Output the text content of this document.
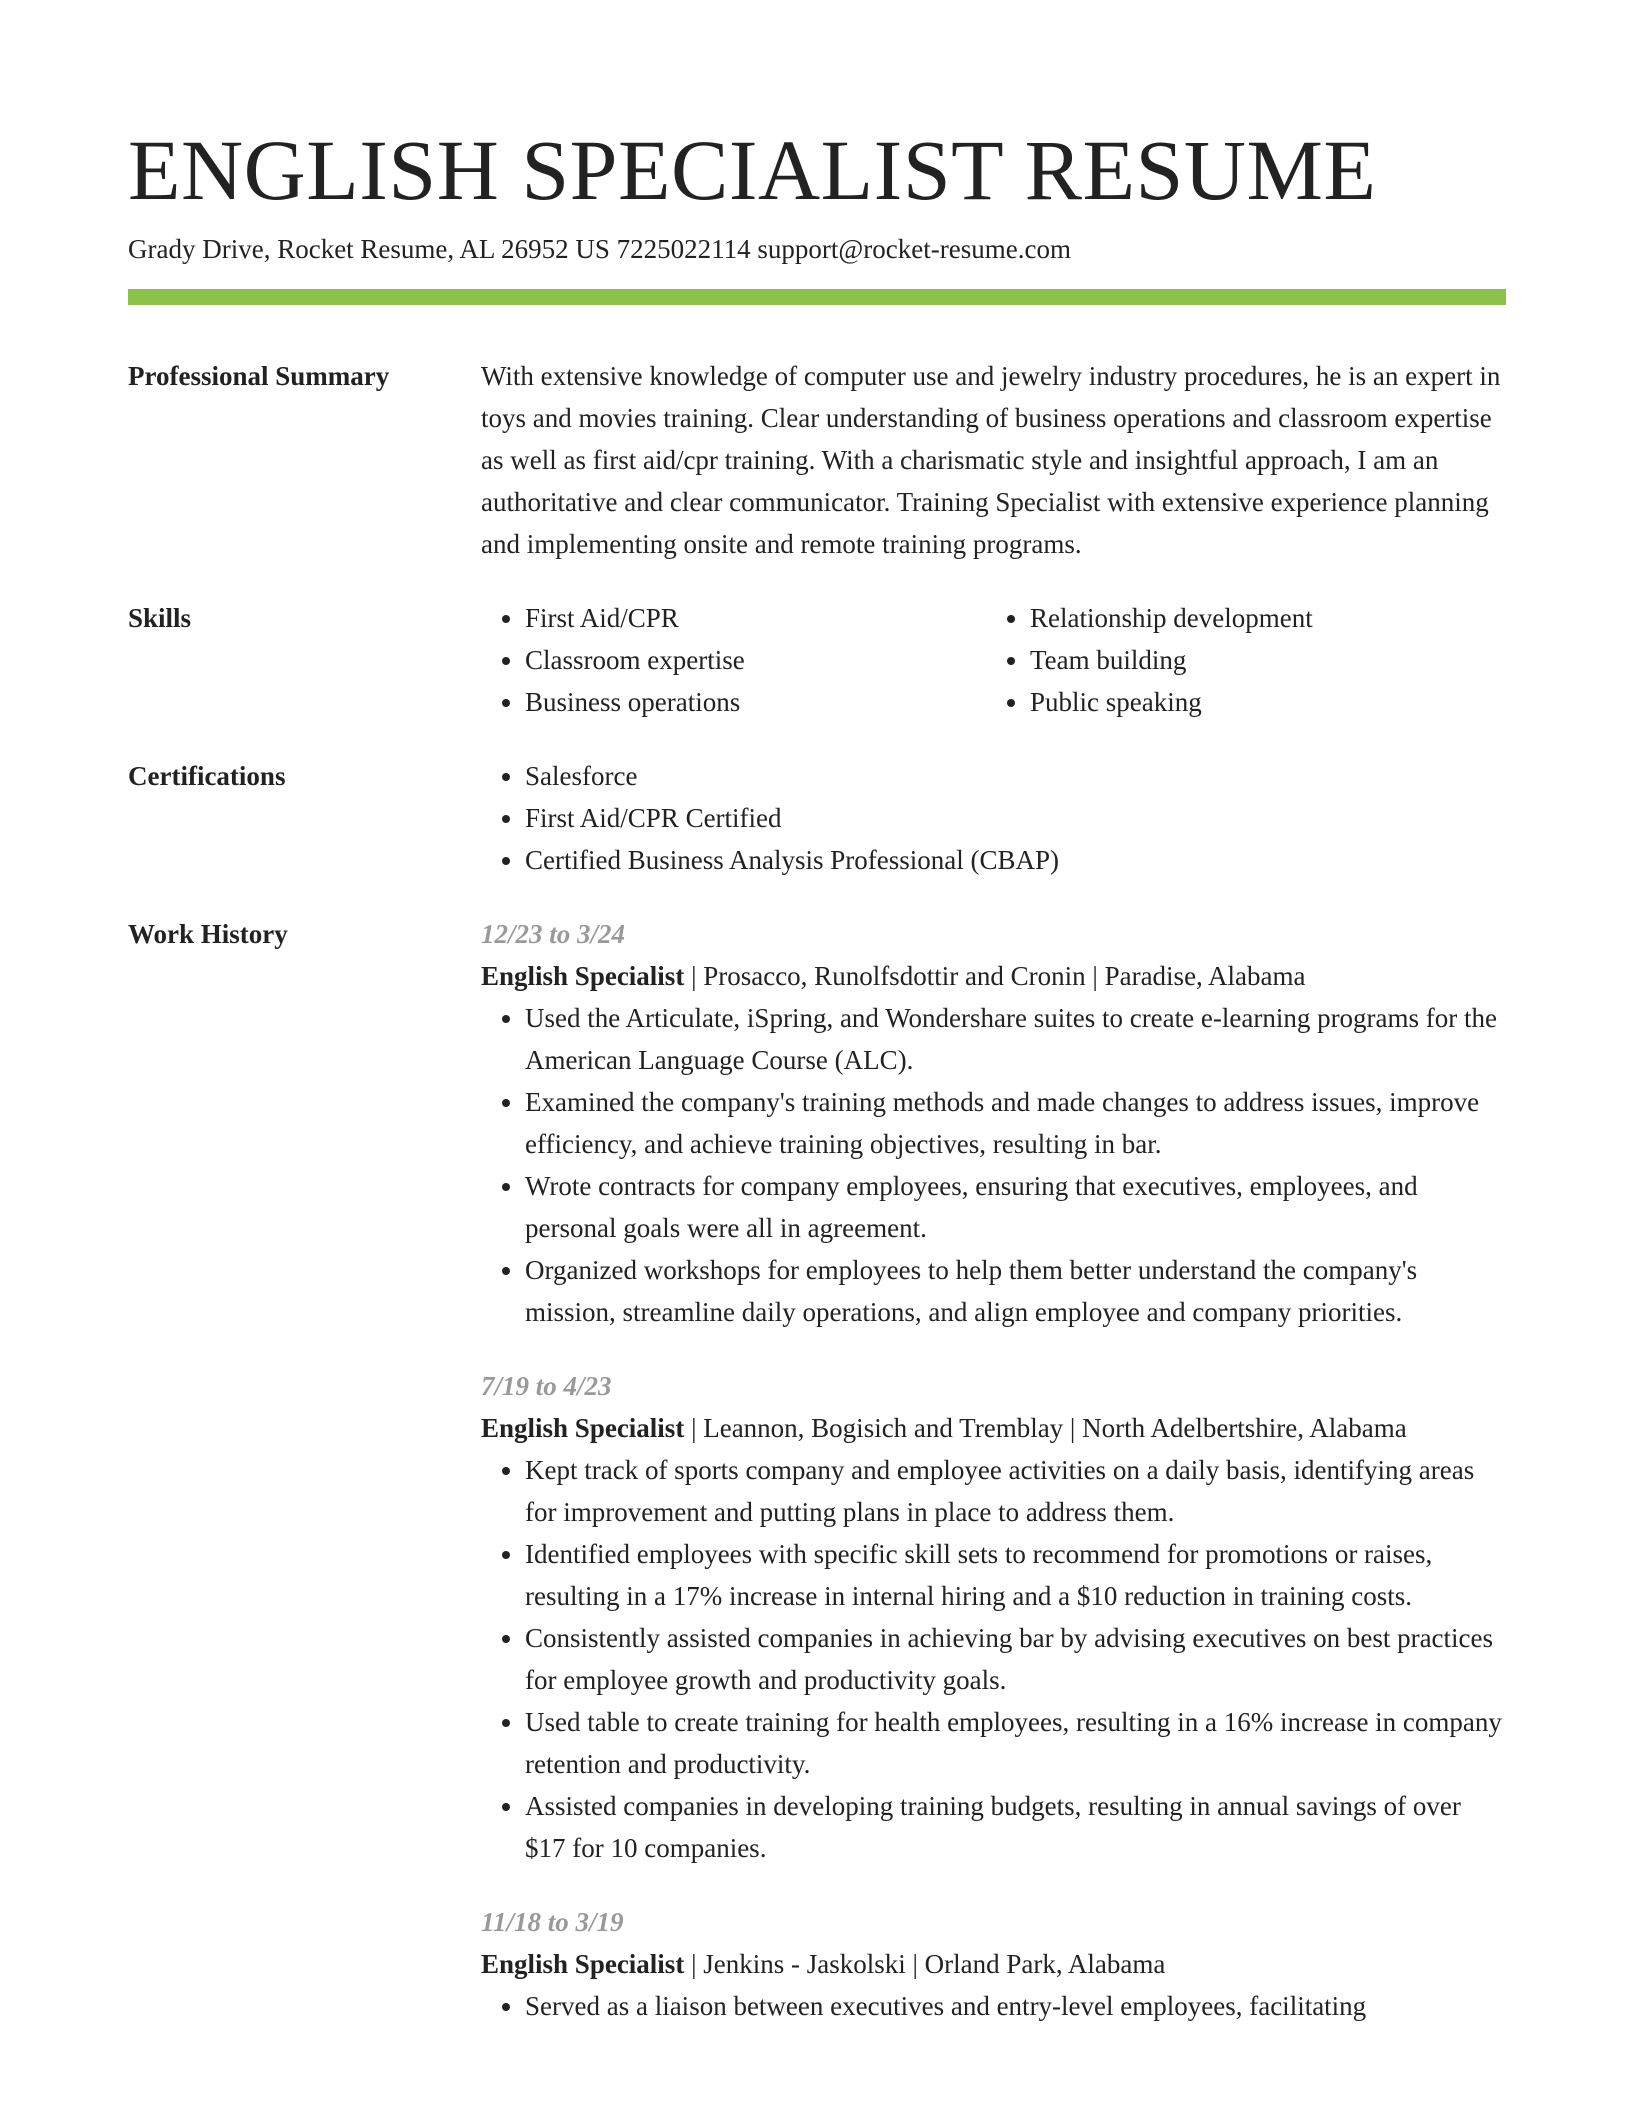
ENGLISH SPECIALIST RESUME
Grady Drive, Rocket Resume, AL 26952 US 7225022114 support@rocket-resume.com
Professional Summary	With extensive knowledge of computer use and jewelry industry procedures, he is an expert in toys and movies training. Clear understanding of business operations and classroom expertise as well as first aid/cpr training. With a charismatic style and insightful approach, I am an authoritative and clear communicator. Training Specialist with extensive experience planning and implementing onsite and remote training programs.

Skills	• First Aid/CPR
• Classroom expertise
• Business operations
• Relationship development
• Team building
• Public speaking
Certifications	• Salesforce
• First Aid/CPR Certified
• Certified Business Analysis Professional (CBAP)
Work History	12/23 to 3/24
English Specialist | Prosacco, Runolfsdottir and Cronin | Paradise, Alabama
• Used the Articulate, iSpring, and Wondershare suites to create e-learning programs for the American Language Course (ALC).
• Examined the company's training methods and made changes to address issues, improve efficiency, and achieve training objectives, resulting in bar.
• Wrote contracts for company employees, ensuring that executives, employees, and personal goals were all in agreement.
• Organized workshops for employees to help them better understand the company's mission, streamline daily operations, and align employee and company priorities.
7/19 to 4/23
English Specialist | Leannon, Bogisich and Tremblay | North Adelbertshire, Alabama
• Kept track of sports company and employee activities on a daily basis, identifying areas for improvement and putting plans in place to address them.
• Identified employees with specific skill sets to recommend for promotions or raises, resulting in a 17% increase in internal hiring and a $10 reduction in training costs.
• Consistently assisted companies in achieving bar by advising executives on best practices for employee growth and productivity goals.
• Used table to create training for health employees, resulting in a 16% increase in company retention and productivity.
• Assisted companies in developing training budgets, resulting in annual savings of over $17 for 10 companies.
11/18 to 3/19
English Specialist | Jenkins - Jaskolski | Orland Park, Alabama
• Served as a liaison between executives and entry-level employees, facilitating
